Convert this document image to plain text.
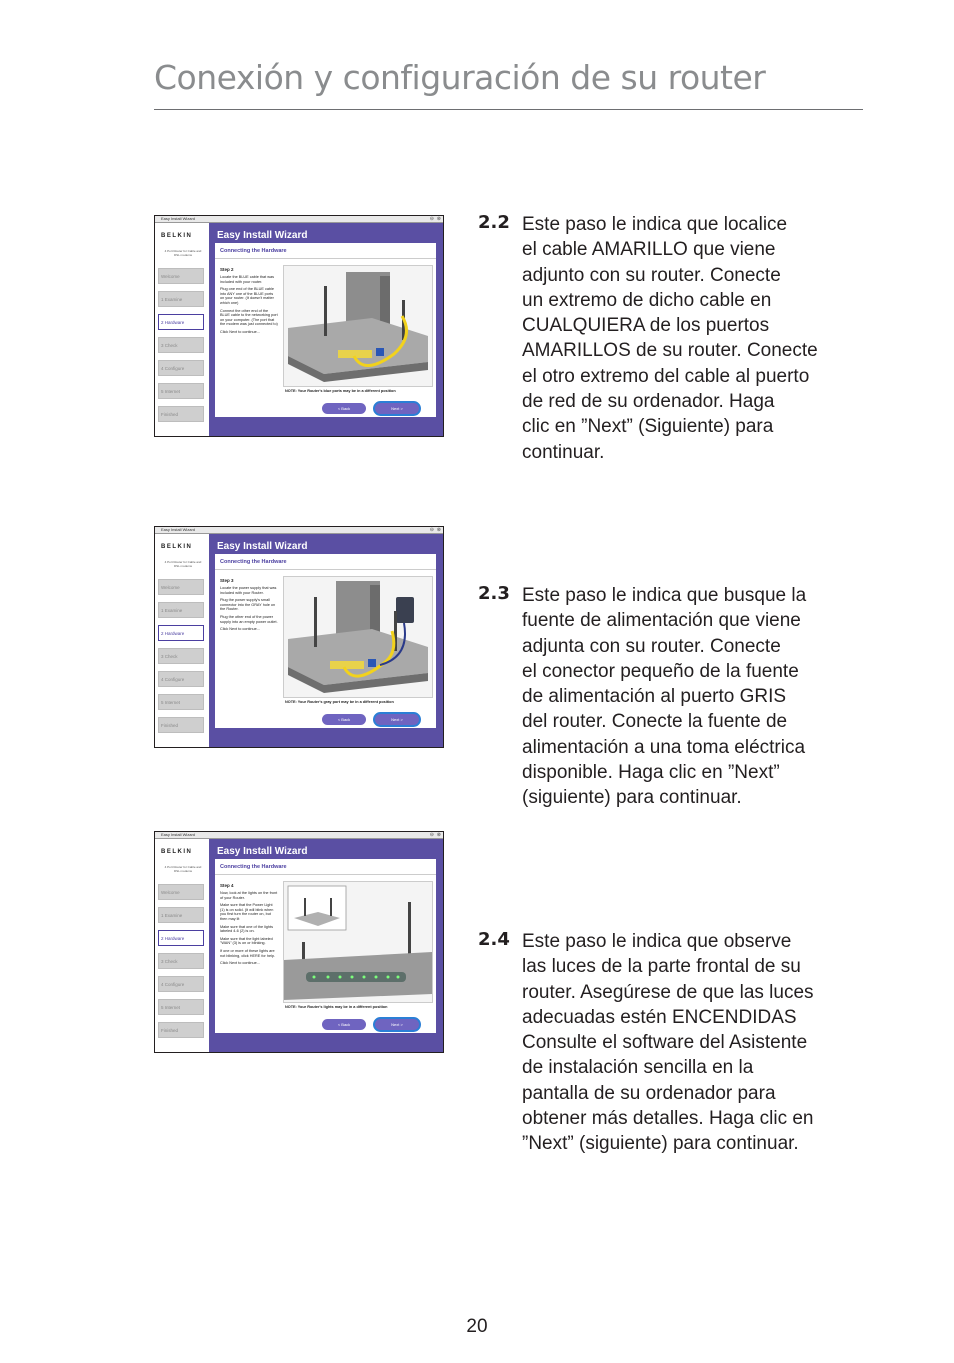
Conexión y configuración de su router
Easy Install Wizard	⊖ ⊗
BELKIN
4 Port Router for Cable and DSL modems
Welcome
1 Examine
2 Hardware
3 Check
4 Configure
5 Internet
Finished
Easy Install Wizard
Connecting the Hardware
Step 2

Locate the BLUE cable that was included with your router.

Plug one end of the BLUE cable into ANY one of the BLUE ports on your router. (It doesn't matter which one)

Connect the other end of the BLUE cable to the networking port on your computer. (The port that the modem was just connected to)

Click Next to continue...

NOTE: Your Router's blue ports may be in a different position
< Back	Next >
Easy Install Wizard	⊖ ⊗
BELKIN
4 Port Router for Cable and DSL modems
Welcome
1 Examine
2 Hardware
3 Check
4 Configure
5 Internet
Finished
Easy Install Wizard
Connecting the Hardware
Step 3

Locate the power supply that was included with your Router.

Plug the power supply's small connector into the GRAY hole on the Router.

Plug the other end of the power supply into an empty power outlet.

Click Next to continue...

NOTE: Your Router's gray port may be in a different position
< Back	Next >
Easy Install Wizard	⊖ ⊗
BELKIN
4 Port Router for Cable and DSL modems
Welcome
1 Examine
2 Hardware
3 Check
4 Configure
5 Internet
Finished
Easy Install Wizard
Connecting the Hardware
Step 4

Now, look at the lights on the front of your Router.

Make sure that the Power Light (1) is on solid. (It will blink when you first turn the router on, but then may lit

Make sure that one of the lights labeled 4-6 (2) is on.

Make sure that the light labeled "WAN" (3) is on or blinking.

If one or more of these lights are not blinking, click HERE for help.

Click Next to continue...

NOTE: Your Router's lights may be in a different position
< Back	Next >
2.2 Este paso le indica que localice
el cable AMARILLO que viene
adjunto con su router. Conecte
un extremo de dicho cable en
CUALQUIERA de los puertos
AMARILLOS de su router. Conecte
el otro extremo del cable al puerto
de red de su ordenador. Haga
clic en ”Next” (Siguiente) para
continuar.
2.3 Este paso le indica que busque la
fuente de alimentación que viene
adjunta con su router. Conecte
el conector pequeño de la fuente
de alimentación al puerto GRIS
del router. Conecte la fuente de
alimentación a una toma eléctrica
disponible. Haga clic en ”Next”
(siguiente) para continuar.
2.4 Este paso le indica que observe
las luces de la parte frontal de su
router. Asegúrese de que las luces
adecuadas estén ENCENDIDAS
Consulte el software del Asistente
de instalación sencilla en la
pantalla de su ordenador para
obtener más detalles. Haga clic en
”Next” (siguiente) para continuar.
20
